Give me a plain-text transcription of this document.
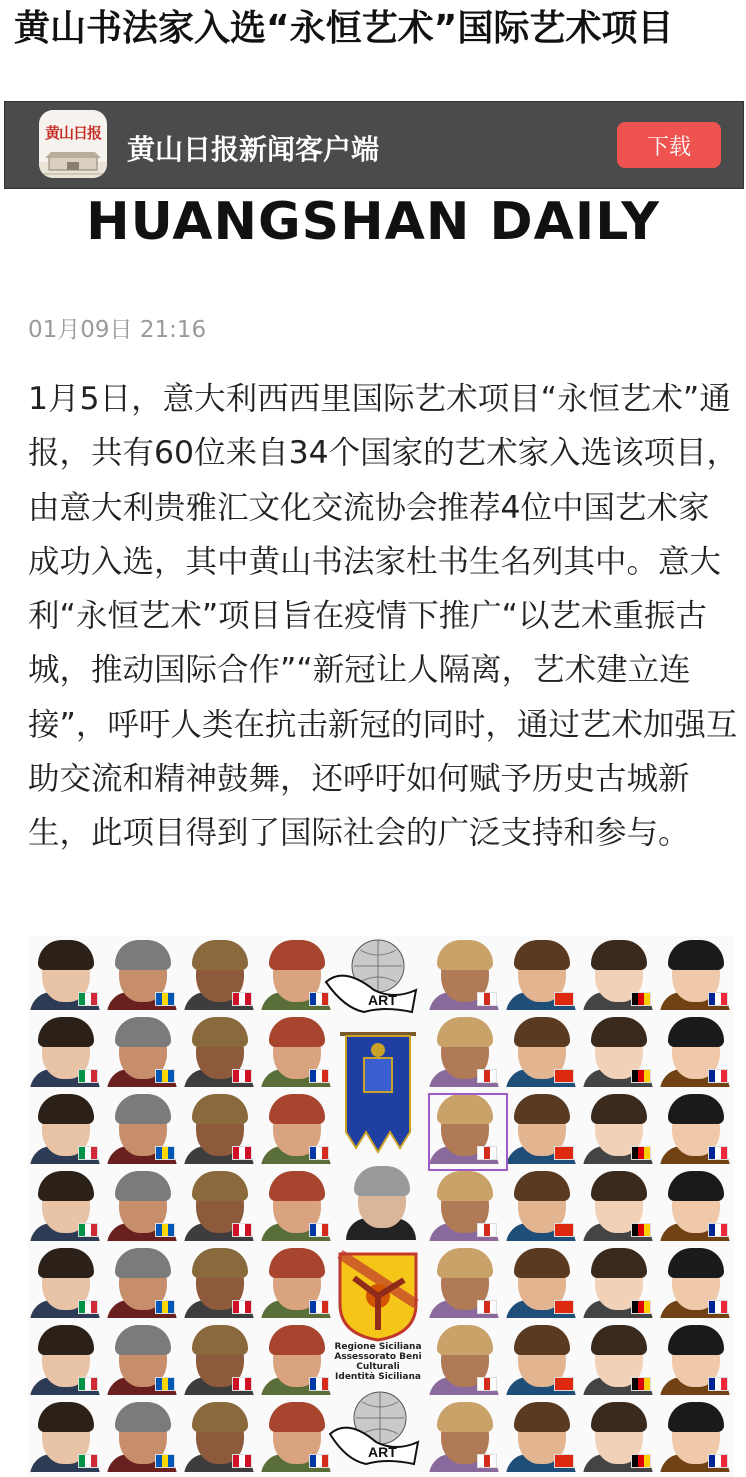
黄山书法家入选“永恒艺术”国际艺术项目
黄山日报 黄山日报新闻客户端	下载
HUANGSHAN DAILY
01月09日 21:16

1月5日，意大利西西里国际艺术项目“永恒艺术”通报，共有60位来自34个国家的艺术家入选该项目，由意大利贵雅汇文化交流协会推荐4位中国艺术家成功入选，其中黄山书法家杜书生名列其中。意大利“永恒艺术”项目旨在疫情下推广“以艺术重振古城，推动国际合作”“新冠让人隔离，艺术建立连接”，呼吁人类在抗击新冠的同时，通过艺术加强互助交流和精神鼓舞，还呼吁如何赋予历史古城新生，此项目得到了国际社会的广泛支持和参与。

ART
Regione Siciliana
Assessorato Beni Culturali
Identità Siciliana
ART
